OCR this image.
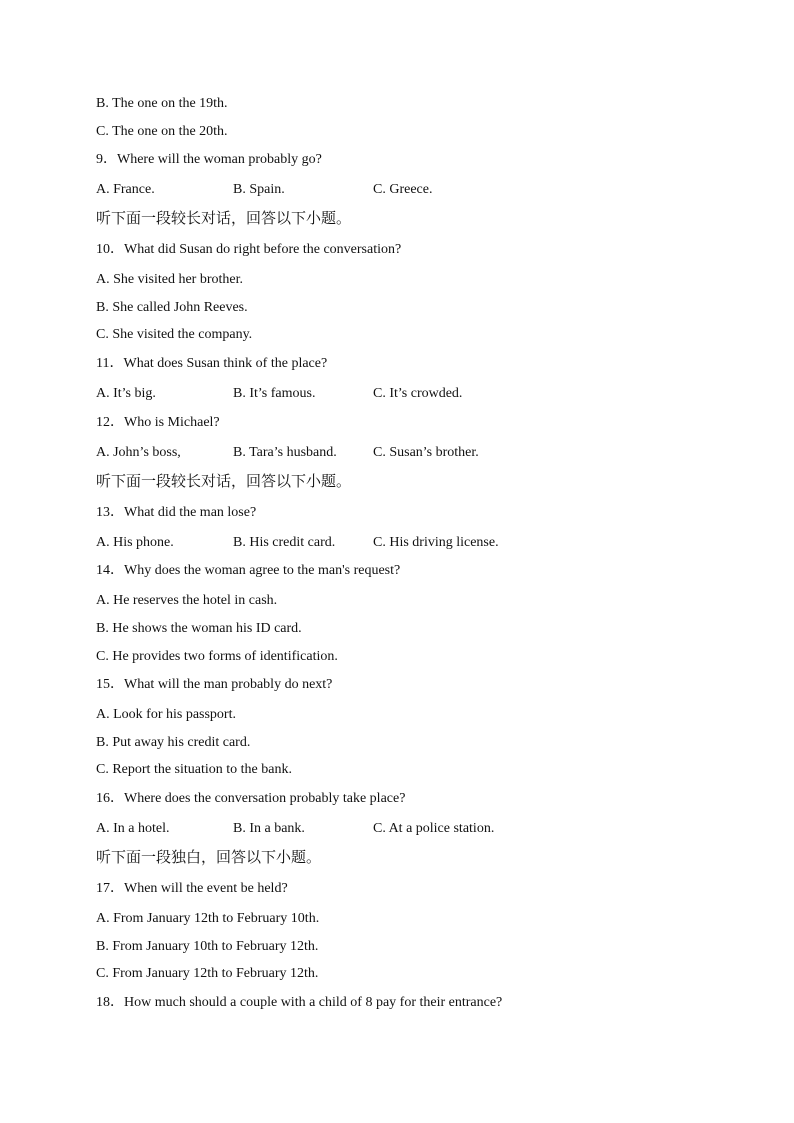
B. The one on the 19th.
C. The one on the 20th.
9．Where will the woman probably go?
A. France.	B. Spain.	C. Greece.
听下面一段较长对话，回答以下小题。
10．What did Susan do right before the conversation?
A. She visited her brother.
B. She called John Reeves.
C. She visited the company.
11．What does Susan think of the place?
A. It’s big.	B. It’s famous.	C. It’s crowded.
12．Who is Michael?
A. John’s boss,	B. Tara’s husband.	C. Susan’s brother.
听下面一段较长对话，回答以下小题。
13．What did the man lose?
A. His phone.	B. His credit card.	C. His driving license.
14．Why does the woman agree to the man's request?
A. He reserves the hotel in cash.
B. He shows the woman his ID card.
C. He provides two forms of identification.
15．What will the man probably do next?
A. Look for his passport.
B. Put away his credit card.
C. Report the situation to the bank.
16．Where does the conversation probably take place?
A. In a hotel.	B. In a bank.	C. At a police station.
听下面一段独白，回答以下小题。
17．When will the event be held?
A. From January 12th to February 10th.
B. From January 10th to February 12th.
C. From January 12th to February 12th.
18．How much should a couple with a child of 8 pay for their entrance?
